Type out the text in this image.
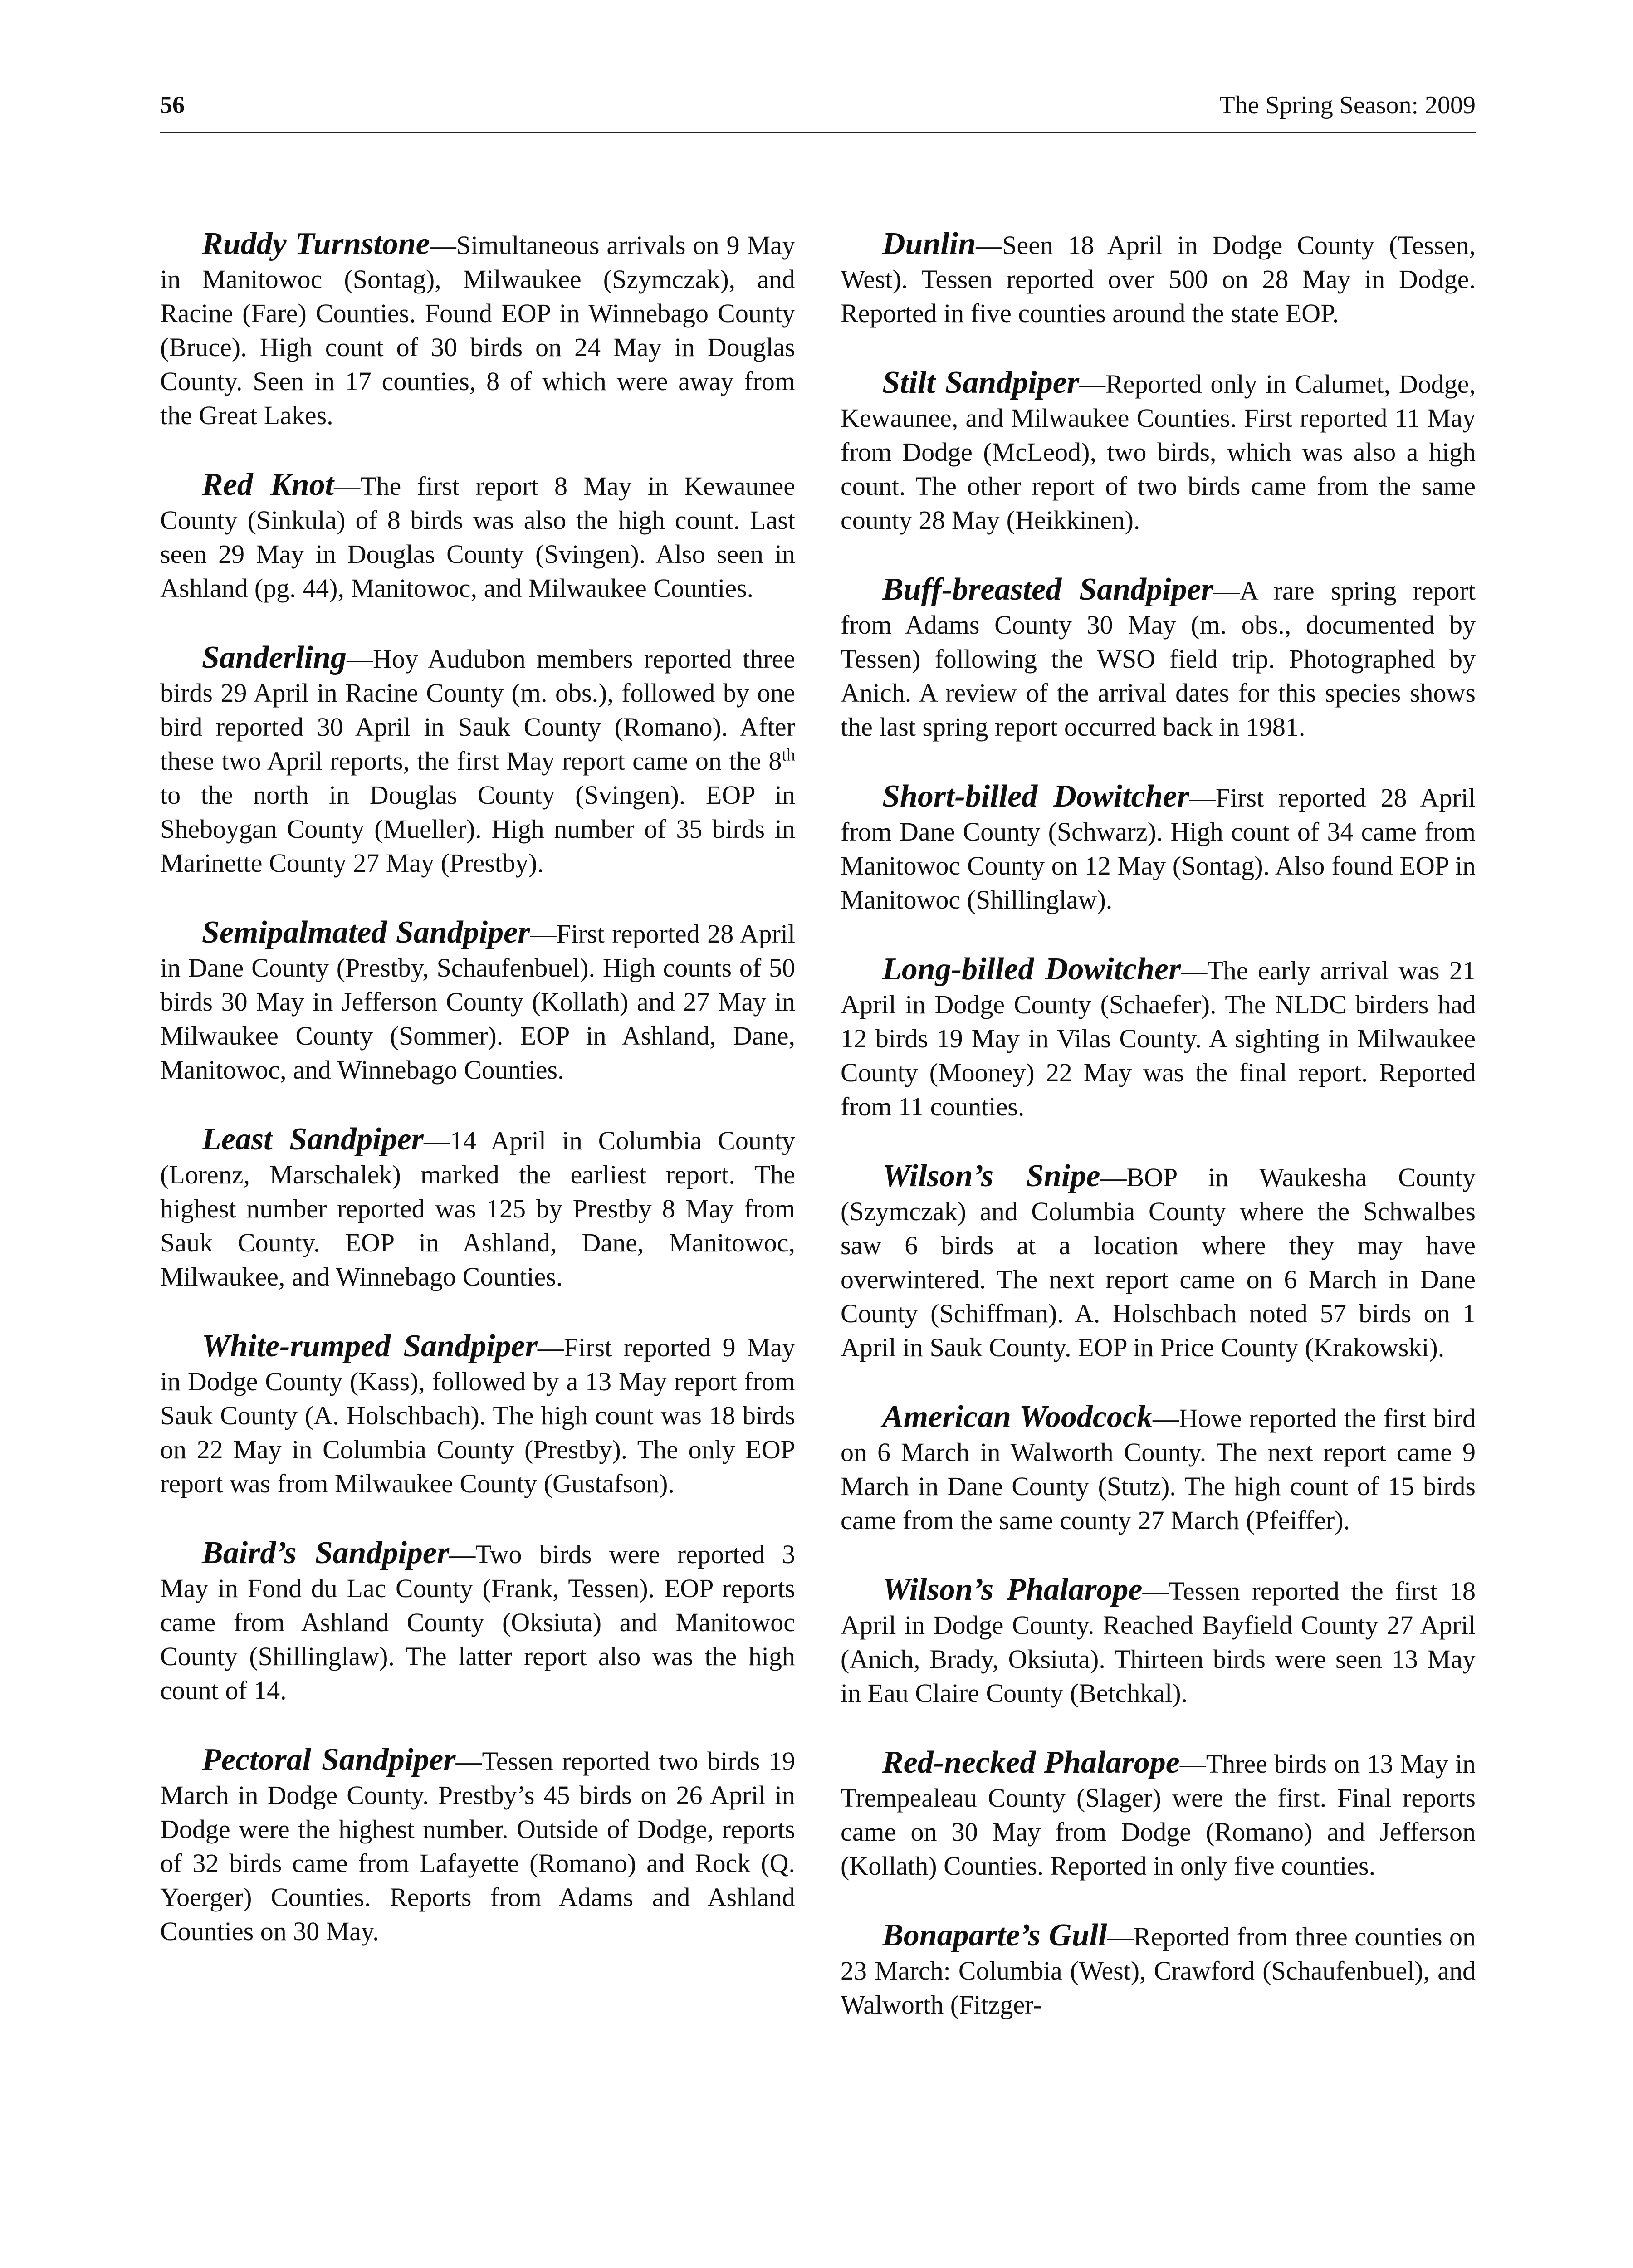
56	The Spring Season: 2009

Ruddy Turnstone—Simultaneous arrivals on 9 May in Manitowoc (Sontag), Milwaukee (Szymczak), and Racine (Fare) Counties. Found EOP in Winnebago County (Bruce). High count of 30 birds on 24 May in Douglas County. Seen in 17 counties, 8 of which were away from the Great Lakes.

Red Knot—The first report 8 May in Kewaunee County (Sinkula) of 8 birds was also the high count. Last seen 29 May in Douglas County (Svingen). Also seen in Ashland (pg. 44), Manitowoc, and Milwaukee Counties.

Sanderling—Hoy Audubon members reported three birds 29 April in Racine County (m. obs.), followed by one bird reported 30 April in Sauk County (Romano). After these two April reports, the first May report came on the 8th to the north in Douglas County (Svingen). EOP in Sheboygan County (Mueller). High number of 35 birds in Marinette County 27 May (Prestby).

Semipalmated Sandpiper—First reported 28 April in Dane County (Prestby, Schaufenbuel). High counts of 50 birds 30 May in Jefferson County (Kollath) and 27 May in Milwaukee County (Sommer). EOP in Ashland, Dane, Manitowoc, and Winnebago Counties.

Least Sandpiper—14 April in Columbia County (Lorenz, Marschalek) marked the earliest report. The highest number reported was 125 by Prestby 8 May from Sauk County. EOP in Ashland, Dane, Manitowoc, Milwaukee, and Winnebago Counties.

White-rumped Sandpiper—First reported 9 May in Dodge County (Kass), followed by a 13 May report from Sauk County (A. Holschbach). The high count was 18 birds on 22 May in Columbia County (Prestby). The only EOP report was from Milwaukee County (Gustafson).

Baird’s Sandpiper—Two birds were reported 3 May in Fond du Lac County (Frank, Tessen). EOP reports came from Ashland County (Oksiuta) and Manitowoc County (Shillinglaw). The latter report also was the high count of 14.

Pectoral Sandpiper—Tessen reported two birds 19 March in Dodge County. Prestby’s 45 birds on 26 April in Dodge were the highest number. Outside of Dodge, reports of 32 birds came from Lafayette (Romano) and Rock (Q. Yoerger) Counties. Reports from Adams and Ashland Counties on 30 May.

Dunlin—Seen 18 April in Dodge County (Tessen, West). Tessen reported over 500 on 28 May in Dodge. Reported in five counties around the state EOP.

Stilt Sandpiper—Reported only in Calumet, Dodge, Kewaunee, and Milwaukee Counties. First reported 11 May from Dodge (McLeod), two birds, which was also a high count. The other report of two birds came from the same county 28 May (Heikkinen).

Buff-breasted Sandpiper—A rare spring report from Adams County 30 May (m. obs., documented by Tessen) following the WSO field trip. Photographed by Anich. A review of the arrival dates for this species shows the last spring report occurred back in 1981.

Short-billed Dowitcher—First reported 28 April from Dane County (Schwarz). High count of 34 came from Manitowoc County on 12 May (Sontag). Also found EOP in Manitowoc (Shillinglaw).

Long-billed Dowitcher—The early arrival was 21 April in Dodge County (Schaefer). The NLDC birders had 12 birds 19 May in Vilas County. A sighting in Milwaukee County (Mooney) 22 May was the final report. Reported from 11 counties.

Wilson’s Snipe—BOP in Waukesha County (Szymczak) and Columbia County where the Schwalbes saw 6 birds at a location where they may have overwintered. The next report came on 6 March in Dane County (Schiffman). A. Holschbach noted 57 birds on 1 April in Sauk County. EOP in Price County (Krakowski).

American Woodcock—Howe reported the first bird on 6 March in Walworth County. The next report came 9 March in Dane County (Stutz). The high count of 15 birds came from the same county 27 March (Pfeiffer).

Wilson’s Phalarope—Tessen reported the first 18 April in Dodge County. Reached Bayfield County 27 April (Anich, Brady, Oksiuta). Thirteen birds were seen 13 May in Eau Claire County (Betchkal).

Red-necked Phalarope—Three birds on 13 May in Trempealeau County (Slager) were the first. Final reports came on 30 May from Dodge (Romano) and Jefferson (Kollath) Counties. Reported in only five counties.

Bonaparte’s Gull—Reported from three counties on 23 March: Columbia (West), Crawford (Schaufenbuel), and Walworth (Fitzger-
